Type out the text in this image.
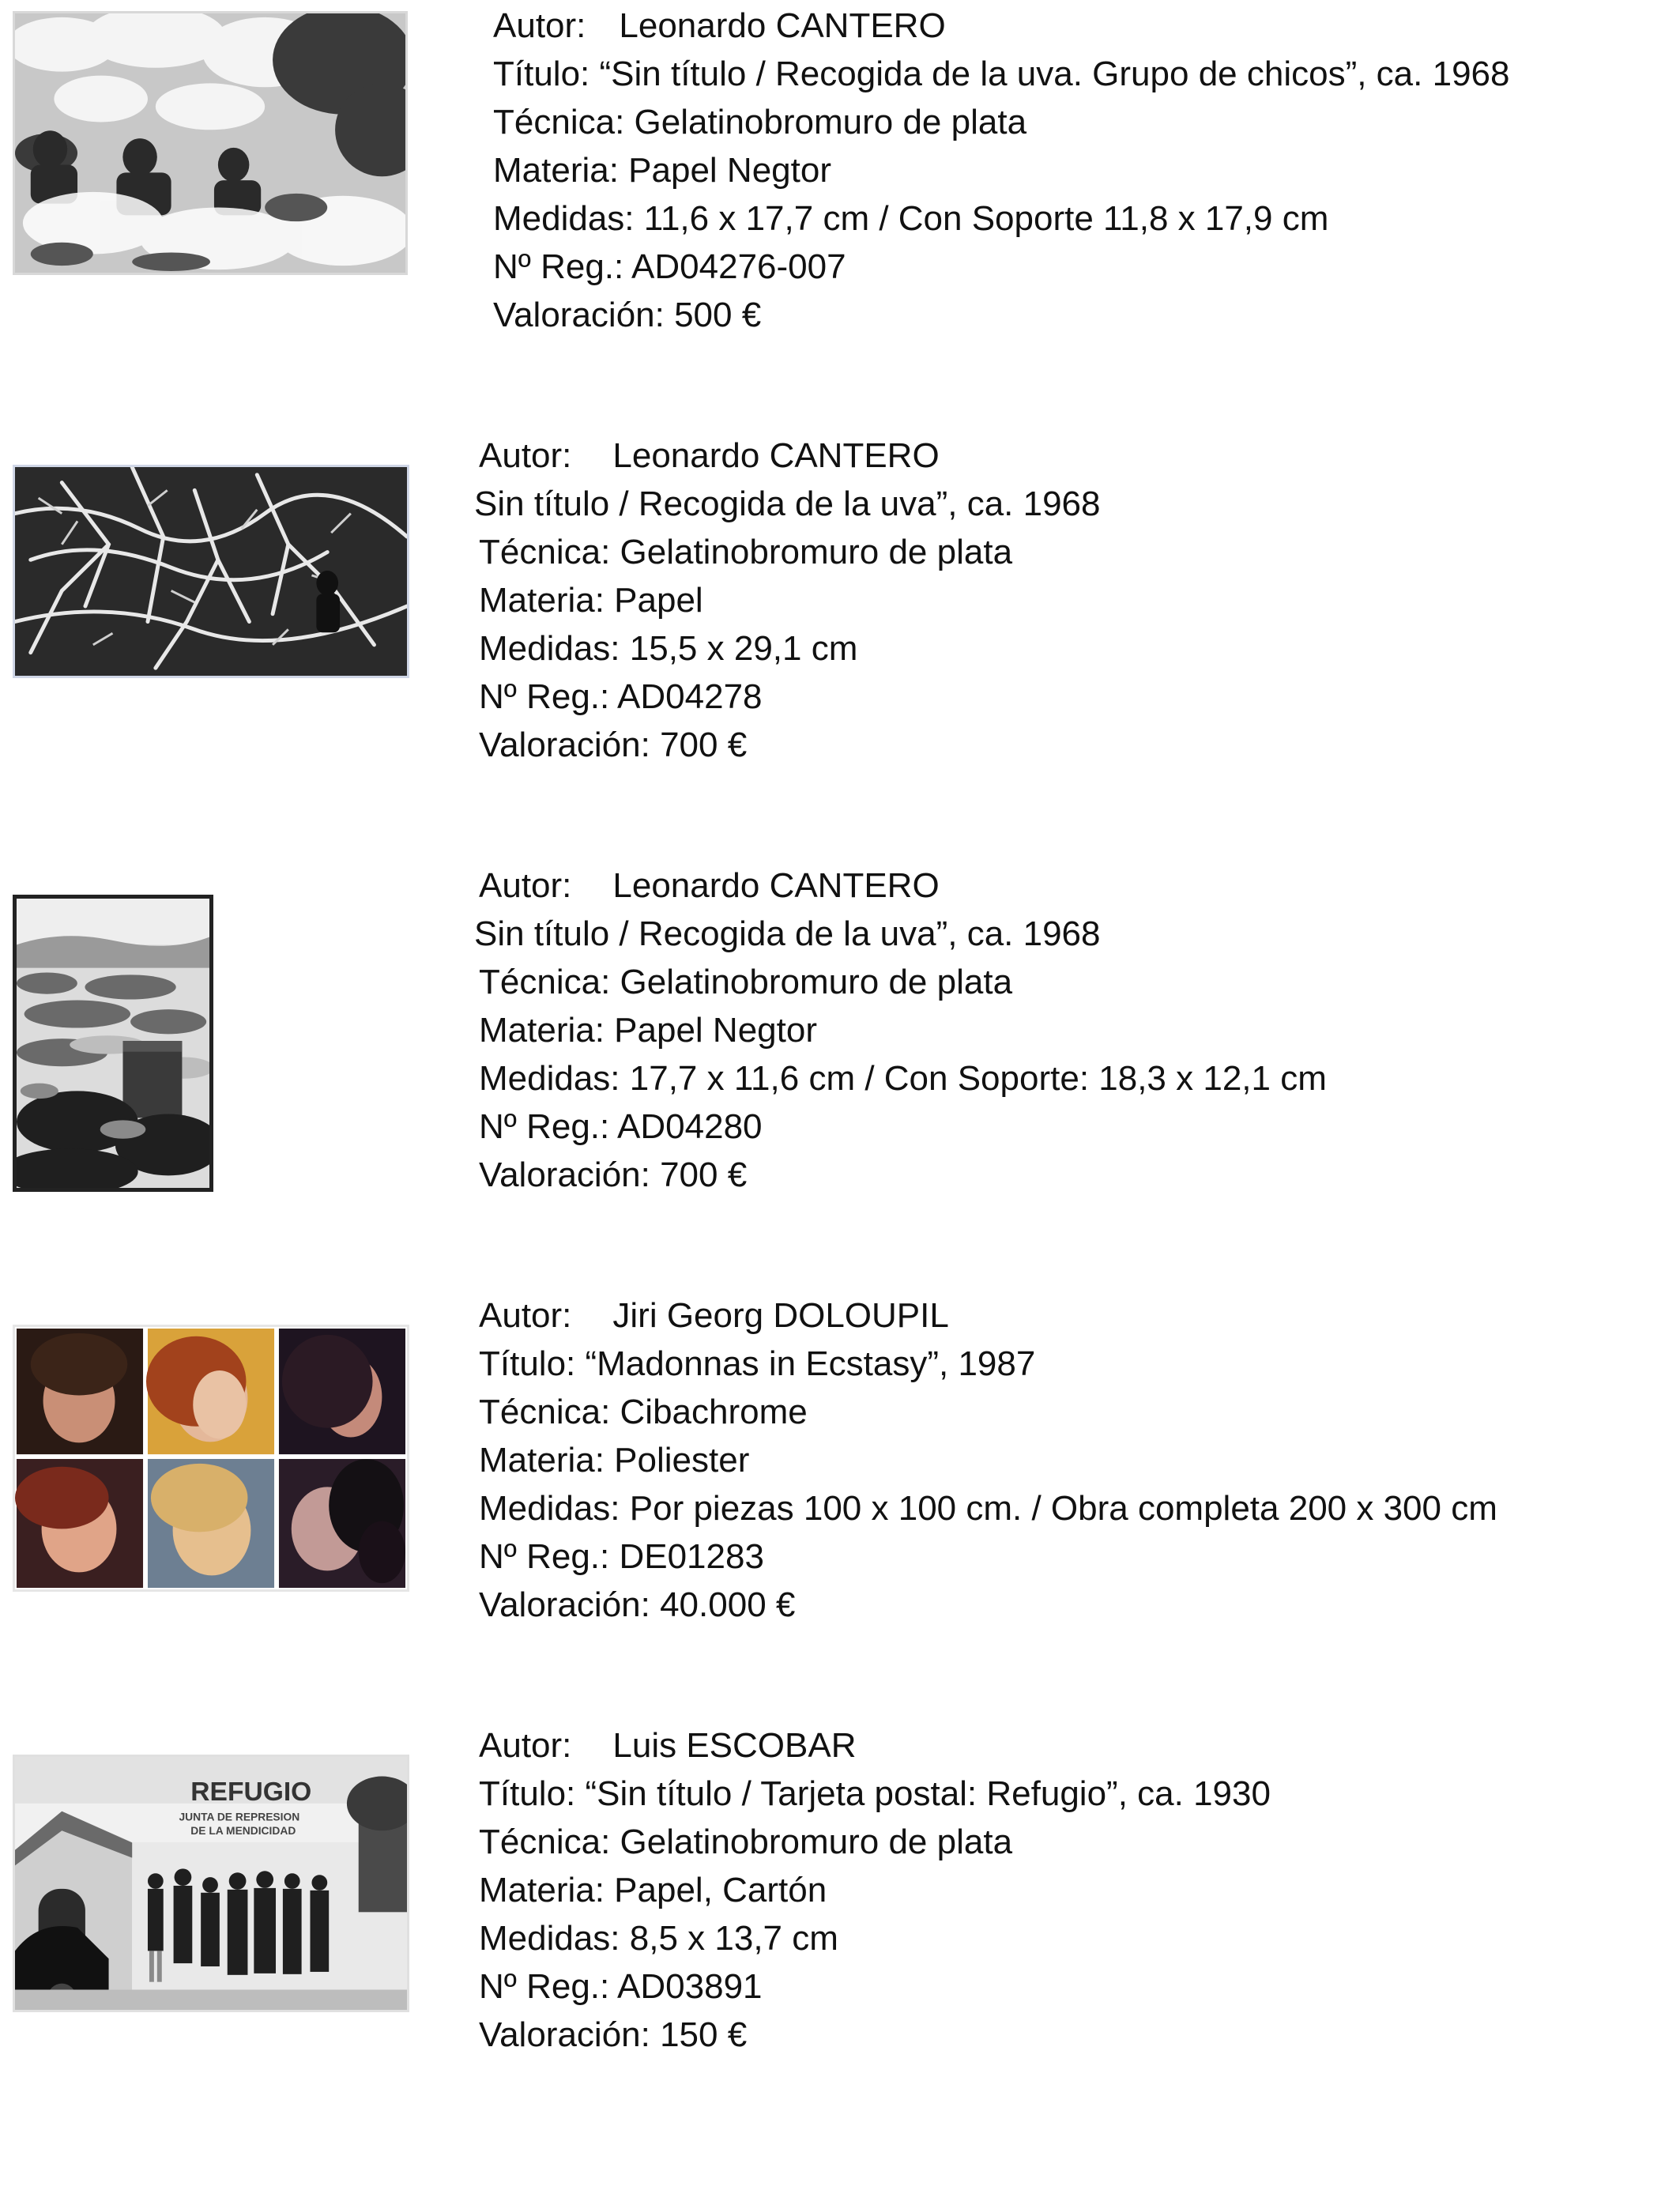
Autor: Leonardo CANTERO
Título: “Sin título / Recogida de la uva. Grupo de chicos”, ca. 1968
Técnica: Gelatinobromuro de plata
Materia: Papel Negtor
Medidas: 11,6 x 17,7 cm / Con Soporte 11,8 x 17,9 cm
Nº Reg.: AD04276-007
Valoración: 500 €
Autor: Leonardo CANTERO
Sin título / Recogida de la uva”, ca. 1968
Técnica: Gelatinobromuro de plata
Materia: Papel
Medidas: 15,5 x 29,1 cm
Nº Reg.: AD04278
Valoración: 700 €
Autor: Leonardo CANTERO
Sin título / Recogida de la uva”, ca. 1968
Técnica: Gelatinobromuro de plata
Materia: Papel Negtor
Medidas: 17,7 x 11,6 cm / Con Soporte: 18,3 x 12,1 cm
Nº Reg.: AD04280
Valoración: 700 €
Autor: Jiri Georg DOLOUPIL
Título: “Madonnas in Ecstasy”, 1987
Técnica: Cibachrome
Materia: Poliester
Medidas: Por piezas 100 x 100 cm. / Obra completa 200 x 300 cm
Nº Reg.: DE01283
Valoración: 40.000 €
REFUGIO
JUNTA DE REPRESION
DE LA MENDICIDAD
Autor: Luis ESCOBAR
Título: “Sin título / Tarjeta postal: Refugio”, ca. 1930
Técnica: Gelatinobromuro de plata
Materia: Papel, Cartón
Medidas: 8,5 x 13,7 cm
Nº Reg.: AD03891
Valoración: 150 €
